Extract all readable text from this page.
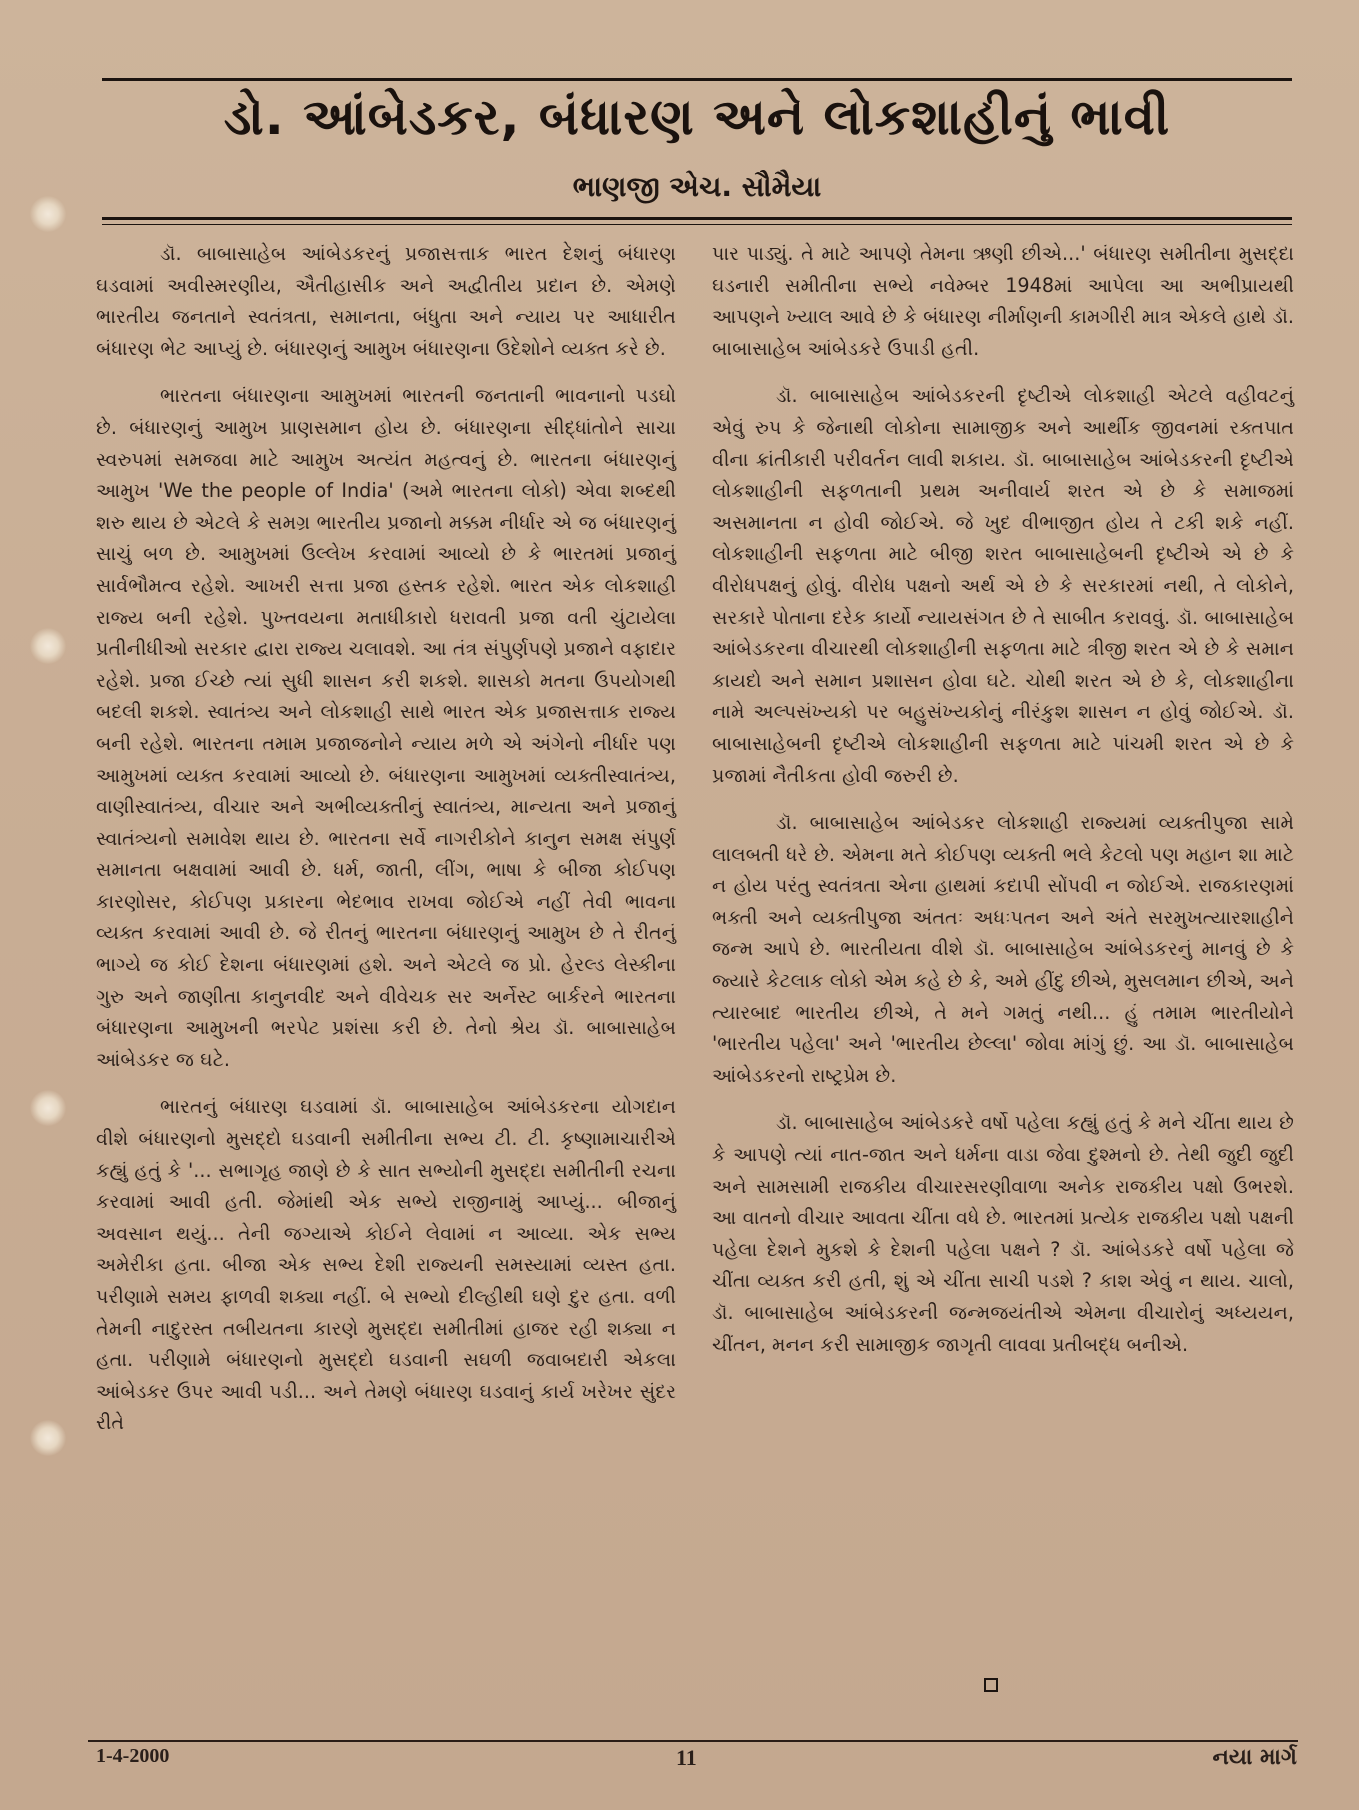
ડો. આંબેડકર, બંધારણ અને લોકશાહીનું ભાવી
ભાણજી એચ. સૌમૈયા

ડૉ. બાબાસાહેબ આંબેડકરનું પ્રજાસત્તાક ભારત દેશનું બંધારણ ઘડવામાં અવીસ્મરણીય, ઐતીહાસીક અને અદ્વીતીય પ્રદાન છે. એમણે ભારતીય જનતાને સ્વતંત્રતા, સમાનતા, બંધુતા અને ન્યાય પર આધારીત બંધારણ ભેટ આપ્યું છે. બંધારણનું આમુખ બંધારણના ઉદેશોને વ્યક્ત કરે છે.

ભારતના બંધારણના આમુખમાં ભારતની જનતાની ભાવનાનો પડઘો છે. બંધારણનું આમુખ પ્રાણસમાન હોય છે. બંધારણના સીદ્ધાંતોને સાચા સ્વરુપમાં સમજવા માટે આમુખ અત્યંત મહત્વનું છે. ભારતના બંધારણનું આમુખ 'We the people of India' (અમે ભારતના લોકો) એવા શબ્દથી શરુ થાય છે એટલે કે સમગ્ર ભારતીય પ્રજાનો મક્કમ નીર્ધાર એ જ બંધારણનું સાચું બળ છે. આમુખમાં ઉલ્લેખ કરવામાં આવ્યો છે કે ભારતમાં પ્રજાનું સાર્વભૌમત્વ રહેશે. આખરી સત્તા પ્રજા હસ્તક રહેશે. ભારત એક લોકશાહી રાજ્ય બની રહેશે. પુખ્તવયના મતાધીકારો ધરાવતી પ્રજા વતી ચુંટાયેલા પ્રતીનીધીઓ સરકાર દ્વારા રાજ્ય ચલાવશે. આ તંત્ર સંપુર્ણપણે પ્રજાને વફાદાર રહેશે. પ્રજા ઈચ્છે ત્યાં સુધી શાસન કરી શકશે. શાસકો મતના ઉપયોગથી બદલી શકશે. સ્વાતંત્ર્ય અને લોકશાહી સાથે ભારત એક પ્રજાસત્તાક રાજ્ય બની રહેશે. ભારતના તમામ પ્રજાજનોને ન્યાય મળે એ અંગેનો નીર્ધાર પણ આમુખમાં વ્યક્ત કરવામાં આવ્યો છે. બંધારણના આમુખમાં વ્યક્તીસ્વાતંત્ર્ય, વાણીસ્વાતંત્ર્ય, વીચાર અને અભીવ્યક્તીનું સ્વાતંત્ર્ય, માન્યતા અને પ્રજાનું સ્વાતંત્ર્યનો સમાવેશ થાય છે. ભારતના સર્વે નાગરીકોને કાનુન સમક્ષ સંપુર્ણ સમાનતા બક્ષવામાં આવી છે. ધર્મ, જાતી, લીંગ, ભાષા કે બીજા કોઈપણ કારણોસર, કોઈપણ પ્રકારના ભેદભાવ રાખવા જોઈએ નહીં તેવી ભાવના વ્યક્ત કરવામાં આવી છે. જે રીતનું ભારતના બંધારણનું આમુખ છે તે રીતનું ભાગ્યે જ કોઈ દેશના બંધારણમાં હશે. અને એટલે જ પ્રો. હેરલ્ડ લેસ્કીના ગુરુ અને જાણીતા કાનુનવીદ અને વીવેચક સર અર્નેસ્ટ બાર્કરને ભારતના બંધારણના આમુખની ભરપેટ પ્રશંસા કરી છે. તેનો શ્રેય ડૉ. બાબાસાહેબ આંબેડકર જ ઘટે.

ભારતનું બંધારણ ઘડવામાં ડૉ. બાબાસાહેબ આંબેડકરના યોગદાન વીશે બંધારણનો મુસદ્દો ઘડવાની સમીતીના સભ્ય ટી. ટી. કૃષ્ણામાચારીએ કહ્યું હતું કે '... સભાગૃહ જાણે છે કે સાત સભ્યોની મુસદ્દા સમીતીની રચના કરવામાં આવી હતી. જેમાંથી એક સભ્યે રાજીનામું આપ્યું... બીજાનું અવસાન થયું... તેની જગ્યાએ કોઈને લેવામાં ન આવ્યા. એક સભ્ય અમેરીકા હતા. બીજા એક સભ્ય દેશી રાજ્યની સમસ્યામાં વ્યસ્ત હતા. પરીણામે સમય ફાળવી શક્યા નહીં. બે સભ્યો દીલ્હીથી ઘણે દુર હતા. વળી તેમની નાદુરસ્ત તબીયતના કારણે મુસદ્દા સમીતીમાં હાજર રહી શક્યા ન હતા. પરીણામે બંધારણનો મુસદ્દો ઘડવાની સઘળી જવાબદારી એકલા આંબેડકર ઉપર આવી પડી... અને તેમણે બંધારણ ઘડવાનું કાર્ય ખરેખર સુંદર રીતે

પાર પાડ્યું. તે માટે આપણે તેમના ઋણી છીએ...' બંધારણ સમીતીના મુસદ્દા ઘડનારી સમીતીના સભ્યે નવેમ્બર 1948માં આપેલા આ અભીપ્રાયથી આપણને ખ્યાલ આવે છે કે બંધારણ નીર્માણની કામગીરી માત્ર એકલે હાથે ડૉ. બાબાસાહેબ આંબેડકરે ઉપાડી હતી.

ડૉ. બાબાસાહેબ આંબેડકરની દૃષ્ટીએ લોકશાહી એટલે વહીવટનું એવું રુપ કે જેનાથી લોકોના સામાજીક અને આર્થીક જીવનમાં રક્તપાત વીના ક્રાંતીકારી પરીવર્તન લાવી શકાય. ડૉ. બાબાસાહેબ આંબેડકરની દૃષ્ટીએ લોકશાહીની સફળતાની પ્રથમ અનીવાર્ય શરત એ છે કે સમાજમાં અસમાનતા ન હોવી જોઈએ. જે ખુદ વીભાજીત હોય તે ટકી શકે નહીં. લોકશાહીની સફળતા માટે બીજી શરત બાબાસાહેબની દૃષ્ટીએ એ છે કે વીરોધપક્ષનું હોવું. વીરોધ પક્ષનો અર્થ એ છે કે સરકારમાં નથી, તે લોકોને, સરકારે પોતાના દરેક કાર્યો ન્યાયસંગત છે તે સાબીત કરાવવું. ડૉ. બાબાસાહેબ આંબેડકરના વીચારથી લોકશાહીની સફળતા માટે ત્રીજી શરત એ છે કે સમાન કાયદો અને સમાન પ્રશાસન હોવા ઘટે. ચોથી શરત એ છે કે, લોકશાહીના નામે અલ્પસંખ્યકો પર બહુસંખ્યકોનું નીરંકુશ શાસન ન હોવું જોઈએ. ડૉ. બાબાસાહેબની દૃષ્ટીએ લોકશાહીની સફળતા માટે પાંચમી શરત એ છે કે પ્રજામાં નૈતીકતા હોવી જરુરી છે.

ડૉ. બાબાસાહેબ આંબેડકર લોકશાહી રાજ્યમાં વ્યક્તીપુજા સામે લાલબતી ધરે છે. એમના મતે કોઈપણ વ્યક્તી ભલે કેટલો પણ મહાન શા માટે ન હોય પરંતુ સ્વતંત્રતા એના હાથમાં કદાપી સોંપવી ન જોઈએ. રાજકારણમાં ભક્તી અને વ્યક્તીપુજા અંતતઃ અધઃપતન અને અંતે સરમુખત્યારશાહીને જન્મ આપે છે. ભારતીયતા વીશે ડૉ. બાબાસાહેબ આંબેડકરનું માનવું છે કે જ્યારે કેટલાક લોકો એમ કહે છે કે, અમે હીંદુ છીએ, મુસલમાન છીએ, અને ત્યારબાદ ભારતીય છીએ, તે મને ગમતું નથી... હું તમામ ભારતીયોને 'ભારતીય પહેલા' અને 'ભારતીય છેલ્લા' જોવા માંગું છું. આ ડૉ. બાબાસાહેબ આંબેડકરનો રાષ્ટ્રપ્રેમ છે.

ડૉ. બાબાસાહેબ આંબેડકરે વર્ષો પહેલા કહ્યું હતું કે મને ચીંતા થાય છે કે આપણે ત્યાં નાત-જાત અને ધર્મના વાડા જેવા દુશ્મનો છે. તેથી જુદી જુદી અને સામસામી રાજકીય વીચારસરણીવાળા અનેક રાજકીય પક્ષો ઉભરશે. આ વાતનો વીચાર આવતા ચીંતા વધે છે. ભારતમાં પ્રત્યેક રાજકીય પક્ષો પક્ષની પહેલા દેશને મુકશે કે દેશની પહેલા પક્ષને ? ડૉ. આંબેડકરે વર્ષો પહેલા જે ચીંતા વ્યક્ત કરી હતી, શું એ ચીંતા સાચી પડશે ? કાશ એવું ન થાય. ચાલો, ડૉ. બાબાસાહેબ આંબેડકરની જન્મજયંતીએ એમના વીચારોનું અધ્યયન, ચીંતન, મનન કરી સામાજીક જાગૃતી લાવવા પ્રતીબદ્ધ બનીએ.

1-4-2000	11	નયા માર્ગ
